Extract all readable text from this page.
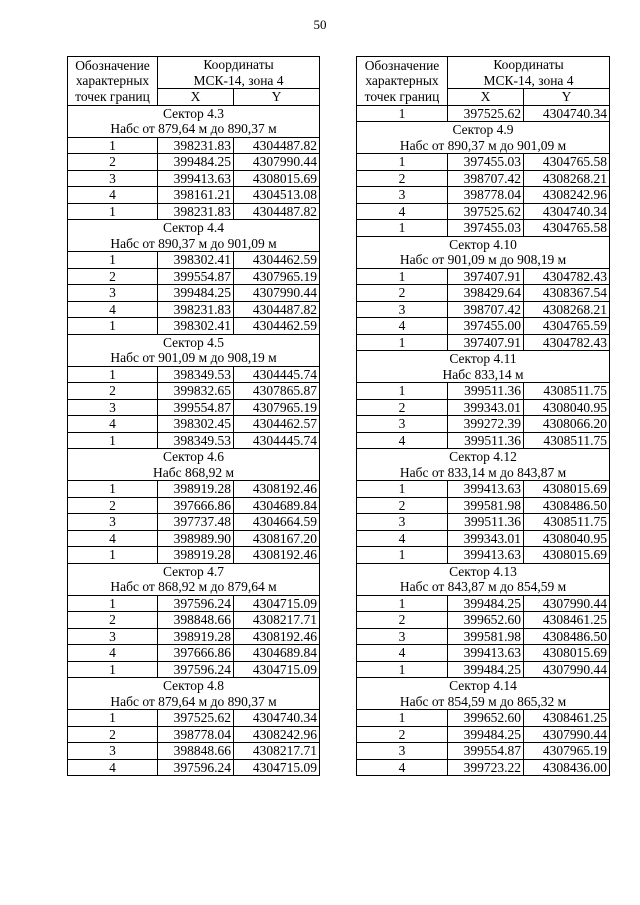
50
Обозначение
характерных
точек границ	Координаты	
	МСК-14, зона 4	
	X	Y
Сектор 4.3		
Набс от 879,64 м до 890,37 м		
1	398231.83	4304487.82
2	399484.25	4307990.44
3	399413.63	4308015.69
4	398161.21	4304513.08
1	398231.83	4304487.82
Сектор 4.4		
Набс от 890,37 м до 901,09 м		
1	398302.41	4304462.59
2	399554.87	4307965.19
3	399484.25	4307990.44
4	398231.83	4304487.82
1	398302.41	4304462.59
Сектор 4.5		
Набс от 901,09 м до 908,19 м		
1	398349.53	4304445.74
2	399832.65	4307865.87
3	399554.87	4307965.19
4	398302.45	4304462.57
1	398349.53	4304445.74
Сектор 4.6		
Набс 868,92 м		
1	398919.28	4308192.46
2	397666.86	4304689.84
3	397737.48	4304664.59
4	398989.90	4308167.20
1	398919.28	4308192.46
Сектор 4.7		
Набс от 868,92 м до 879,64 м		
1	397596.24	4304715.09
2	398848.66	4308217.71
3	398919.28	4308192.46
4	397666.86	4304689.84
1	397596.24	4304715.09
Сектор 4.8		
Набс от 879,64 м до 890,37 м		
1	397525.62	4304740.34
2	398778.04	4308242.96
3	398848.66	4308217.71
4	397596.24	4304715.09
Обозначение
характерных
точек границ	Координаты	
	МСК-14, зона 4	
	X	Y
1	397525.62	4304740.34
Сектор 4.9		
Набс от 890,37 м до 901,09 м		
1	397455.03	4304765.58
2	398707.42	4308268.21
3	398778.04	4308242.96
4	397525.62	4304740.34
1	397455.03	4304765.58
Сектор 4.10		
Набс от 901,09 м до 908,19 м		
1	397407.91	4304782.43
2	398429.64	4308367.54
3	398707.42	4308268.21
4	397455.00	4304765.59
1	397407.91	4304782.43
Сектор 4.11		
Набс 833,14 м		
1	399511.36	4308511.75
2	399343.01	4308040.95
3	399272.39	4308066.20
4	399511.36	4308511.75
Сектор 4.12		
Набс от 833,14 м до 843,87 м		
1	399413.63	4308015.69
2	399581.98	4308486.50
3	399511.36	4308511.75
4	399343.01	4308040.95
1	399413.63	4308015.69
Сектор 4.13		
Набс от 843,87 м до 854,59 м		
1	399484.25	4307990.44
2	399652.60	4308461.25
3	399581.98	4308486.50
4	399413.63	4308015.69
1	399484.25	4307990.44
Сектор 4.14		
Набс от 854,59 м до 865,32 м		
1	399652.60	4308461.25
2	399484.25	4307990.44
3	399554.87	4307965.19
4	399723.22	4308436.00
